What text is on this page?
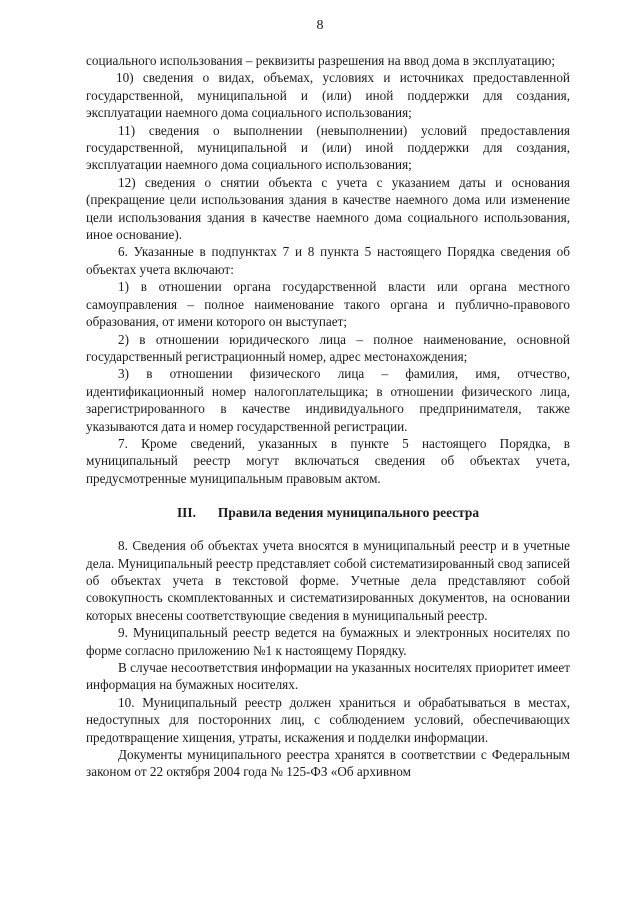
8

социального использования – реквизиты разрешения на ввод дома в эксплуатацию;

10) сведения о видах, объемах, условиях и источниках предоставленной государственной, муниципальной и (или) иной поддержки для создания, эксплуатации наемного дома социального использования;

11) сведения о выполнении (невыполнении) условий предоставления государственной, муниципальной и (или) иной поддержки для создания, эксплуатации наемного дома социального использования;

12) сведения о снятии объекта с учета с указанием даты и основания (прекращение цели использования здания в качестве наемного дома или изменение цели использования здания в качестве наемного дома социального использования, иное основание).

6. Указанные в подпунктах 7 и 8 пункта 5 настоящего Порядка сведения об объектах учета включают:

1) в отношении органа государственной власти или органа местного самоуправления – полное наименование такого органа и публично-правового образования, от имени которого он выступает;

2) в отношении юридического лица – полное наименование, основной государственный регистрационный номер, адрес местонахождения;

3) в отношении физического лица – фамилия, имя, отчество, идентификационный номер налогоплательщика; в отношении физического лица, зарегистрированного в качестве индивидуального предпринимателя, также указываются дата и номер государственной регистрации.

7. Кроме сведений, указанных в пункте 5 настоящего Порядка, в муниципальный реестр могут включаться сведения об объектах учета, предусмотренные муниципальным правовым актом.

III. Правила ведения муниципального реестра

8. Сведения об объектах учета вносятся в муниципальный реестр и в учетные дела. Муниципальный реестр представляет собой систематизированный свод записей об объектах учета в текстовой форме. Учетные дела представляют собой совокупность скомплектованных и систематизированных документов, на основании которых внесены соответствующие сведения в муниципальный реестр.

9. Муниципальный реестр ведется на бумажных и электронных носителях по форме согласно приложению №1 к настоящему Порядку.

В случае несоответствия информации на указанных носителях приоритет имеет информация на бумажных носителях.

10. Муниципальный реестр должен храниться и обрабатываться в местах, недоступных для посторонних лиц, с соблюдением условий, обеспечивающих предотвращение хищения, утраты, искажения и подделки информации.

Документы муниципального реестра хранятся в соответствии с Федеральным законом от 22 октября 2004 года № 125-ФЗ «Об архивном
